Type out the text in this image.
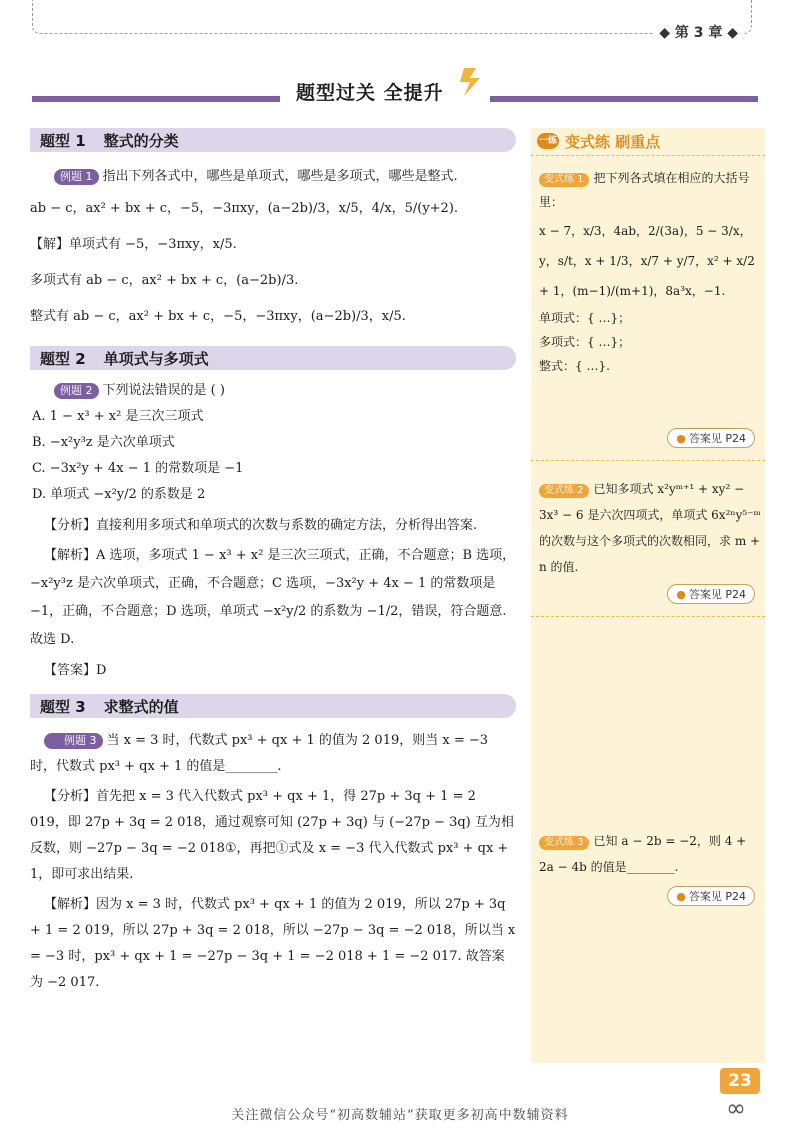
◆ 第 3 章 ◆
题型过关 全提升
题型 1 整式的分类

例题 1 指出下列各式中，哪些是单项式，哪些是多项式，哪些是整式.

ab − c，ax² + bx + c，−5，−3πxy，(a−2b)/3，x/5，4/x，5/(y+2).

【解】单项式有 −5，−3πxy，x/5.

多项式有 ab − c，ax² + bx + c，(a−2b)/3.

整式有 ab − c，ax² + bx + c，−5，−3πxy，(a−2b)/3，x/5.

题型 2 单项式与多项式

例题 2 下列说法错误的是 ( )

A. 1 − x³ + x² 是三次三项式

B. −x²y³z 是六次单项式

C. −3x²y + 4x − 1 的常数项是 −1

D. 单项式 −x²y/2 的系数是 2

【分析】直接利用多项式和单项式的次数与系数的确定方法，分析得出答案.

【解析】A 选项，多项式 1 − x³ + x² 是三次三项式，正确，不合题意；B 选项，−x²y³z 是六次单项式，正确，不合题意；C 选项，−3x²y + 4x − 1 的常数项是 −1，正确，不合题意；D 选项，单项式 −x²y/2 的系数为 −1/2，错误，符合题意. 故选 D.

【答案】D

题型 3 求整式的值

例题 3 当 x = 3 时，代数式 px³ + qx + 1 的值为 2 019，则当 x = −3 时，代数式 px³ + qx + 1 的值是________.

【分析】首先把 x = 3 代入代数式 px³ + qx + 1，得 27p + 3q + 1 = 2 019，即 27p + 3q = 2 018，通过观察可知 (27p + 3q) 与 (−27p − 3q) 互为相反数，则 −27p − 3q = −2 018①，再把①式及 x = −3 代入代数式 px³ + qx + 1，即可求出结果.

【解析】因为 x = 3 时，代数式 px³ + qx + 1 的值为 2 019，所以 27p + 3q + 1 = 2 019，所以 27p + 3q = 2 018，所以 −27p − 3q = −2 018，所以当 x = −3 时，px³ + qx + 1 = −27p − 3q + 1 = −2 018 + 1 = −2 017. 故答案为 −2 017.

一练 变式练 刷重点
变式练 1 把下列各式填在相应的大括号里：
x − 7，x/3，4ab，2/(3a)，5 − 3/x，y，s/t，x + 1/3，x/7 + y/7，x² + x/2 + 1，(m−1)/(m+1)，8a³x，−1.
单项式：{ …}；
多项式：{ …}；
整式：{ …}.
● 答案见 P24
变式练 2 已知多项式 x²yᵐ⁺¹ + xy² − 3x³ − 6 是六次四项式，单项式 6x²ⁿy⁵⁻ᵐ 的次数与这个多项式的次数相同，求 m + n 的值.
● 答案见 P24
变式练 3 已知 a − 2b = −2，则 4 + 2a − 4b 的值是________.
● 答案见 P24
23
∞
关注微信公众号“初高数辅站”获取更多初高中数辅资料
